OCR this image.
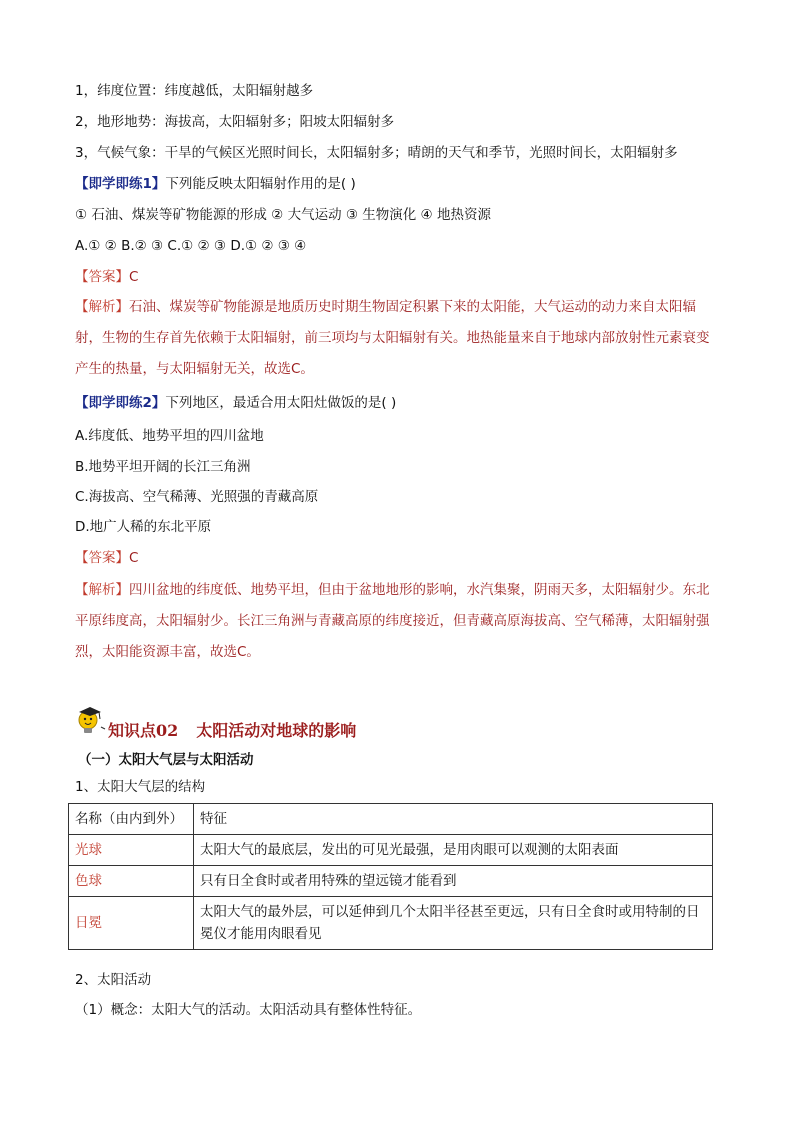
1，纬度位置：纬度越低，太阳辐射越多
2，地形地势：海拔高，太阳辐射多；阳坡太阳辐射多
3，气候气象：干旱的气候区光照时间长，太阳辐射多；晴朗的天气和季节，光照时间长，太阳辐射多
【即学即练1】下列能反映太阳辐射作用的是( )
① 石油、煤炭等矿物能源的形成 ② 大气运动 ③ 生物演化 ④ 地热资源
A.① ② B.② ③ C.① ② ③ D.① ② ③ ④
【答案】C
【解析】石油、煤炭等矿物能源是地质历史时期生物固定积累下来的太阳能，大气运动的动力来自太阳辐射，生物的生存首先依赖于太阳辐射，前三项均与太阳辐射有关。地热能量来自于地球内部放射性元素衰变产生的热量，与太阳辐射无关，故选C。
【即学即练2】下列地区，最适合用太阳灶做饭的是( )
A.纬度低、地势平坦的四川盆地
B.地势平坦开阔的长江三角洲
C.海拔高、空气稀薄、光照强的青藏高原
D.地广人稀的东北平原
【答案】C
【解析】四川盆地的纬度低、地势平坦，但由于盆地地形的影响，水汽集聚，阴雨天多，太阳辐射少。东北平原纬度高，太阳辐射少。长江三角洲与青藏高原的纬度接近，但青藏高原海拔高、空气稀薄，太阳辐射强烈，太阳能资源丰富，故选C。
知识点02 太阳活动对地球的影响
（一）太阳大气层与太阳活动
1、太阳大气层的结构
名称（由内到外）	特征
光球	太阳大气的最底层，发出的可见光最强，是用肉眼可以观测的太阳表面
色球	只有日全食时或者用特殊的望远镜才能看到
日冕	太阳大气的最外层，可以延伸到几个太阳半径甚至更远，只有日全食时或用特制的日冕仪才能用肉眼看见
2、太阳活动
（1）概念：太阳大气的活动。太阳活动具有整体性特征。
